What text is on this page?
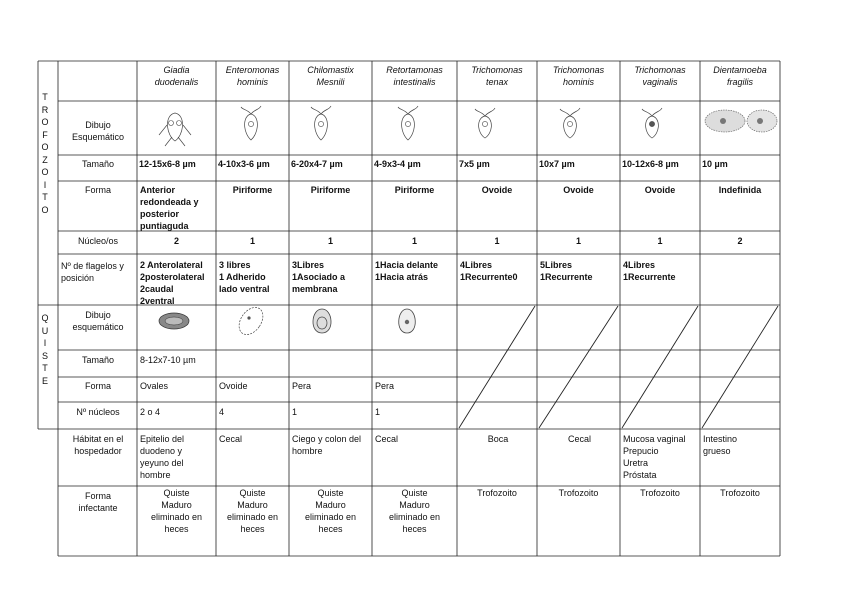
T
R
O
F
O
Z
O
I
T
O
Q
U
I
S
T
E
Dibujo
Esquemático
Tamaño
Forma
Núcleo/os
Nº de flagelos y
posición
Dibujo
esquemático
Tamaño
Forma
Nº núcleos
Hábitat en el
hospedador
Forma
infectante
Giadia
duodenalis
12-15x6-8 µm
Anterior
redondeada y
posterior
puntiaguda
2
2 Anterolateral
2posterolateral
2caudal
2ventral
Epitelio del
duodeno y
yeyuno del
hombre
Quiste
Maduro
eliminado en
heces
Enteromonas
hominis
4-10x3-6 µm
Piriforme
1
3 libres
1 Adherido
lado ventral
Cecal
Quiste
Maduro
eliminado en
heces
Chilomastix
Mesnili
6-20x4-7 µm
Piriforme
1
3Libres
1Asociado a
membrana
Ciego y colon del
hombre
Quiste
Maduro
eliminado en
heces
Retortamonas
intestinalis
4-9x3-4 µm
Piriforme
1
1Hacia delante
1Hacia atrás
Cecal
Quiste
Maduro
eliminado en
heces
Trichomonas
tenax
7x5 µm
Ovoide
1
4Libres
1Recurrente0
Boca
Trofozoito
Trichomonas
hominis
10x7 µm
Ovoide
1
5Libres
1Recurrente
Cecal
Trofozoito
Trichomonas
vaginalis
10-12x6-8 µm
Ovoide
1
4Libres
1Recurrente
Mucosa vaginal
Prepucio
Uretra
Próstata
Trofozoito
Dientamoeba
fragilis
10 µm
Indefinida
2
Intestino
grueso
Trofozoito
8-12x7-10 µm
Ovales
2 o 4
Ovoide
4
Pera
1
Pera
1
